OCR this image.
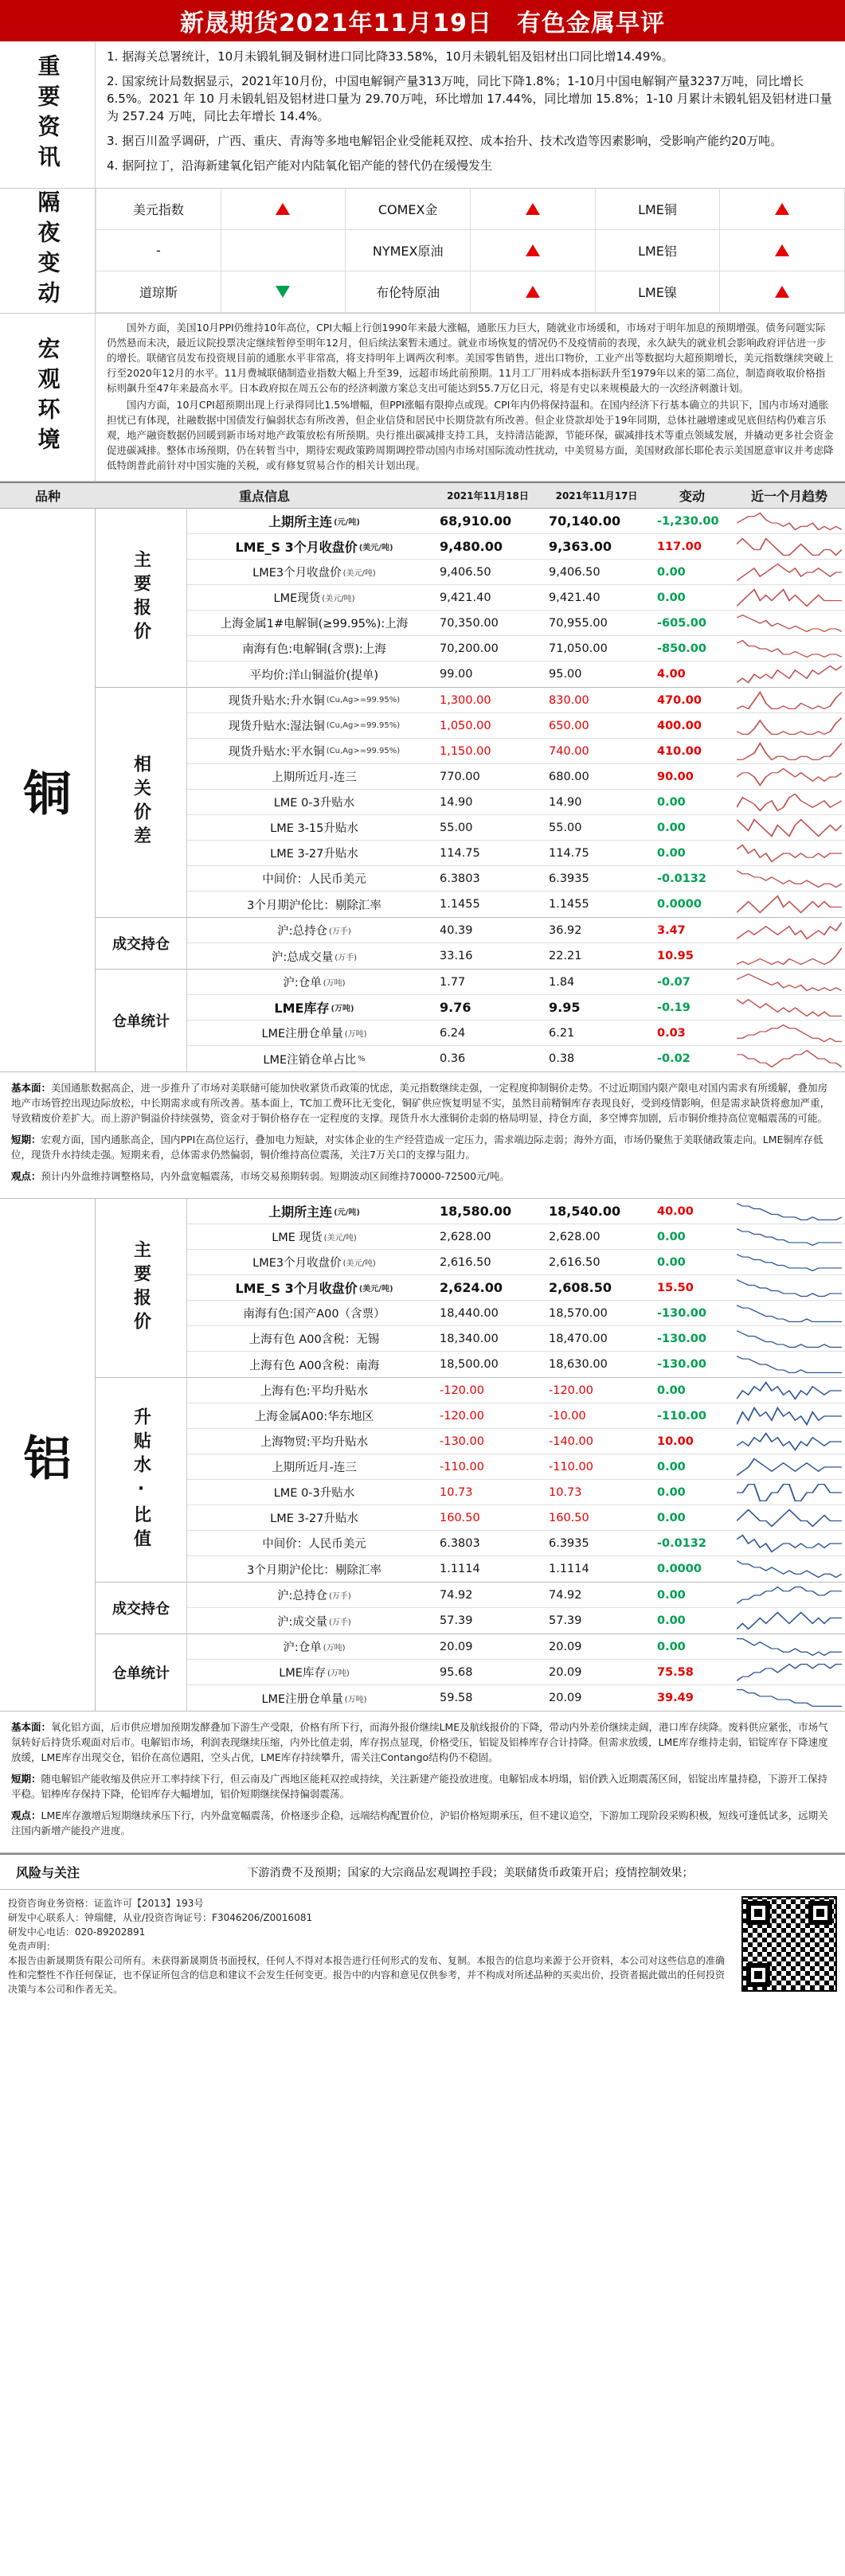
新晟期货2021年11月19日　有色金属早评
重要资讯	1. 据海关总署统计，10月未锻轧铜及铜材进口同比降33.58%，10月未锻轧铝及铝材出口同比增14.49%。

2. 国家统计局数据显示，2021年10月份，中国电解铜产量313万吨，同比下降1.8%；1-10月中国电解铜产量3237万吨，同比增长6.5%。2021 年 10 月未锻轧铝及铝材进口量为 29.70万吨，环比增加 17.44%，同比增加 15.8%；1-10 月累计未锻轧铝及铝材进口量为 257.24 万吨，同比去年增长 14.4%。

3. 据百川盈孚调研，广西、重庆、青海等多地电解铝企业受能耗双控、成本抬升、技术改造等因素影响，受影响产能约20万吨。

4. 据阿拉丁，沿海新建氧化铝产能对内陆氧化铝产能的替代仍在缓慢发生

隔夜变动	美元指数	COMEX金	LME铜
-	NYMEX原油	LME铝
道琼斯	布伦特原油	LME镍
宏观环境

国外方面，美国10月PPI仍维持10年高位，CPI大幅上行创1990年来最大涨幅，通胀压力巨大，随就业市场缓和，市场对于明年加息的预期增强。债务问题实际仍然悬而未决，最近议院投票决定继续暂停至明年12月，但后续法案暂未通过。就业市场恢复的情况仍不及疫情前的表现，永久缺失的就业机会影响政府评估进一步的增长。联储官员发布投资规目前的通胀水平非常高，将支持明年上调两次利率。美国零售销售，进出口物价，工业产出等数据均大超预期增长，美元指数继续突破上行至2020年12月的水平。11月费城联储制造业指数大幅上升至39，远超市场此前预期。11月工厂用料成本指标跃升至1979年以来的第二高位，制造商收取价格指标则飙升至47年来最高水平。日本政府拟在周五公布的经济刺激方案总支出可能达到55.7万亿日元，将是有史以来规模最大的一次经济刺激计划。

国内方面，10月CPI超预期出现上行录得同比1.5%增幅，但PPI涨幅有限抑点或现。CPI年内仍将保持温和。在国内经济下行基本确立的共识下，国内市场对通胀担忧已有体现，社融数据中国债发行偏弱状态有所改善，但企业信贷和居民中长期贷款有所改善。但企业贷款却处于19年同期，总体社融增速或见底但结构仍难言乐观，地产融资数据仍回暖到新市场对地产政策放松有所预期。央行推出碳减排支持工具，支持清洁能源，节能环保，碳减排技术等重点领域发展，并撬动更多社会资金促进碳减排。整体市场预期，仍在转暂当中，期待宏观政策跨周期调控带动国内市场对国际流动性扰动，中美贸易方面，美国财政部长耶伦表示美国愿意审议并考虑降低特朗普此前针对中国实施的关税，或有修复贸易合作的相关计划出现。

品种	重点信息	2021年11月18日	2021年11月17日	变动	近一个月趋势
铜
主要报价
上期所主连 (元/吨)	68,910.00	70,140.00	-1,230.00
LME_S 3个月收盘价 (美元/吨)	9,480.00	9,363.00	117.00
LME3个月收盘价 (美元/吨)	9,406.50	9,406.50	0.00
LME现货 (美元/吨)	9,421.40	9,421.40	0.00
上海金属1#电解铜(≥99.95%):上海	70,350.00	70,955.00	-605.00
南海有色:电解铜(含票):上海	70,200.00	71,050.00	-850.00
平均价:洋山铜溢价(提单)	99.00	95.00	4.00
相关价差
现货升贴水:升水铜 (Cu,Ag>=99.95%)	1,300.00	830.00	470.00
现货升贴水:湿法铜 (Cu,Ag>=99.95%)	1,050.00	650.00	400.00
现货升贴水:平水铜 (Cu,Ag>=99.95%)	1,150.00	740.00	410.00
上期所近月-连三	770.00	680.00	90.00
LME 0-3升贴水	14.90	14.90	0.00
LME 3-15升贴水	55.00	55.00	0.00
LME 3-27升贴水	114.75	114.75	0.00
中间价：人民币美元	6.3803	6.3935	-0.0132
3个月期沪伦比：剔除汇率	1.1455	1.1455	0.0000
成交持仓
沪:总持仓 (万手)	40.39	36.92	3.47
沪:总成交量 (万手)	33.16	22.21	10.95
仓单统计
沪:仓单 (万吨)	1.77	1.84	-0.07
LME库存 (万吨)	9.76	9.95	-0.19
LME注册仓单量 (万吨)	6.24	6.21	0.03
LME注销仓单占比 %	0.36	0.38	-0.02

基本面：美国通胀数据高企，进一步推升了市场对美联储可能加快收紧货币政策的忧虑，美元指数继续走强，一定程度抑制铜价走势。不过近期国内限产限电对国内需求有所缓解，叠加房地产市场管控出现边际放松，中长期需求或有所改善。基本面上，TC加工费环比无变化，铜矿供应恢复明显不实，虽然目前精铜库存表现良好，受到疫情影响，但是需求缺货将愈加严重，导致精废价差扩大。而上游沪铜溢价持续强势，资金对于铜价格存在一定程度的支撑。现货升水大涨铜价走弱的格局明显，持仓方面，多空博弈加剧，后市铜价维持高位宽幅震荡的可能。

短期：宏观方面，国内通胀高企，国内PPI在高位运行，叠加电力短缺，对实体企业的生产经营造成一定压力，需求端边际走弱；海外方面，市场仍聚焦于美联储政策走向。LME铜库存低位，现货升水持续走强。短期来看，总体需求仍然偏弱，铜价维持高位震荡，关注7万关口的支撑与阻力。

观点：预计内外盘维持调整格局，内外盘宽幅震荡，市场交易预期转弱。短期波动区间维持70000-72500元/吨。

铝
主要报价
上期所主连 (元/吨)	18,580.00	18,540.00	40.00
LME 现货 (美元/吨)	2,628.00	2,628.00	0.00
LME3个月收盘价 (美元/吨)	2,616.50	2,616.50	0.00
LME_S 3个月收盘价 (美元/吨)	2,624.00	2,608.50	15.50
南海有色:国产A00（含票）	18,440.00	18,570.00	-130.00
上海有色 A00含税：无锡	18,340.00	18,470.00	-130.00
上海有色 A00含税：南海	18,500.00	18,630.00	-130.00
升贴水·比值
上海有色:平均升贴水	-120.00	-120.00	0.00
上海金属A00:华东地区	-120.00	-10.00	-110.00
上海物贸:平均升贴水	-130.00	-140.00	10.00
上期所近月-连三	-110.00	-110.00	0.00
LME 0-3升贴水	10.73	10.73	0.00
LME 3-27升贴水	160.50	160.50	0.00
中间价：人民币美元	6.3803	6.3935	-0.0132
3个月期沪伦比：剔除汇率	1.1114	1.1114	0.0000
成交持仓
沪:总持仓 (万手)	74.92	74.92	0.00
沪:成交量 (万手)	57.39	57.39	0.00
仓单统计
沪:仓单 (万吨)	20.09	20.09	0.00
LME库存 (万吨)	95.68	20.09	75.58
LME注册仓单量 (万吨)	59.58	20.09	39.49

基本面：氧化铝方面，后市供应增加预期发酵叠加下游生产受限，价格有所下行，而海外报价继续LME及航线报价的下降，带动内外差价继续走阔，港口库存续降。废料供应紧张，市场气氛转好后持货乐观面对后市。电解铝市场，利润表现继续压缩，内外比值走弱，库存拐点显现，价格受压，铝锭及铝棒库存合计持降。但需求放缓，LME库存维持走弱，铝锭库存下降速度放缓，LME库存出现交仓，铝价在高位遇阻，空头占优，LME库存持续攀升，需关注Contango结构仍不稳固。

短期：随电解铝产能收缩及供应开工率持续下行，但云南及广西地区能耗双控或持续，关注新建产能投放进度。电解铝成本坍塌，铝价跌入近期震荡区间，铝锭出库量持稳，下游开工保持平稳。铝棒库存保持下降，伦铝库存大幅增加，铝价短期继续保持偏弱震荡。

观点：LME库存激增后短期继续承压下行，内外盘宽幅震荡，价格逐步企稳，远端结构配置价位，沪铝价格短期承压，但不建议追空，下游加工现阶段采购积极，短线可逢低试多，远期关注国内新增产能投产进度。

风险与关注	下游消费不及预期；国家的大宗商品宏观调控手段；美联储货币政策开启；疫情控制效果；
投资咨询业务资格：证监许可【2013】193号
研发中心联系人：钟瑞健，从业/投资咨询证号：F3046206/Z0016081
研发中心电话：020-89202891
免责声明：
本报告由新晟期货有限公司所有。未获得新晟期货书面授权，任何人不得对本报告进行任何形式的发布、复制。本报告的信息均来源于公开资料，本公司对这些信息的准确性和完整性不作任何保证，也不保证所包含的信息和建议不会发生任何变更。报告中的内容和意见仅供参考，并不构成对所述品种的买卖出价，投资者据此做出的任何投资决策与本公司和作者无关。
